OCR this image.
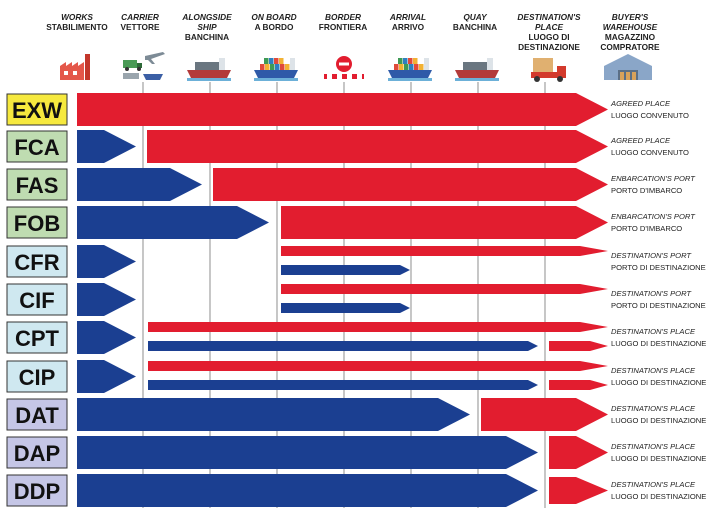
WORKS
STABILIMENTO
CARRIER
VETTORE
ALONGSIDE SHIP
BANCHINA
ON BOARD
A BORDO
BORDER
FRONTIERA
ARRIVAL
ARRIVO
QUAY
BANCHINA
DESTINATION'S PLACE
LUOGO DI DESTINAZIONE
BUYER'S WAREHOUSE
MAGAZZINO COMPRATORE
EXW	AGREED PLACE
LUOGO CONVENUTO
FCA	AGREED PLACE
LUOGO CONVENUTO
FAS	ENBARCATION'S PORT
PORTO D'IMBARCO
FOB	ENBARCATION'S PORT
PORTO D'IMBARCO
CFR	DESTINATION'S PORT
PORTO DI DESTINAZIONE
CIF	DESTINATION'S PORT
PORTO DI DESTINAZIONE
CPT	DESTINATION'S PLACE
LUOGO DI DESTINAZIONE
CIP	DESTINATION'S PLACE
LUOGO DI DESTINAZIONE
DAT	DESTINATION'S PLACE
LUOGO DI DESTINAZIONE
DAP	DESTINATION'S PLACE
LUOGO DI DESTINAZIONE
DDP	DESTINATION'S PLACE
LUOGO DI DESTINAZIONE
